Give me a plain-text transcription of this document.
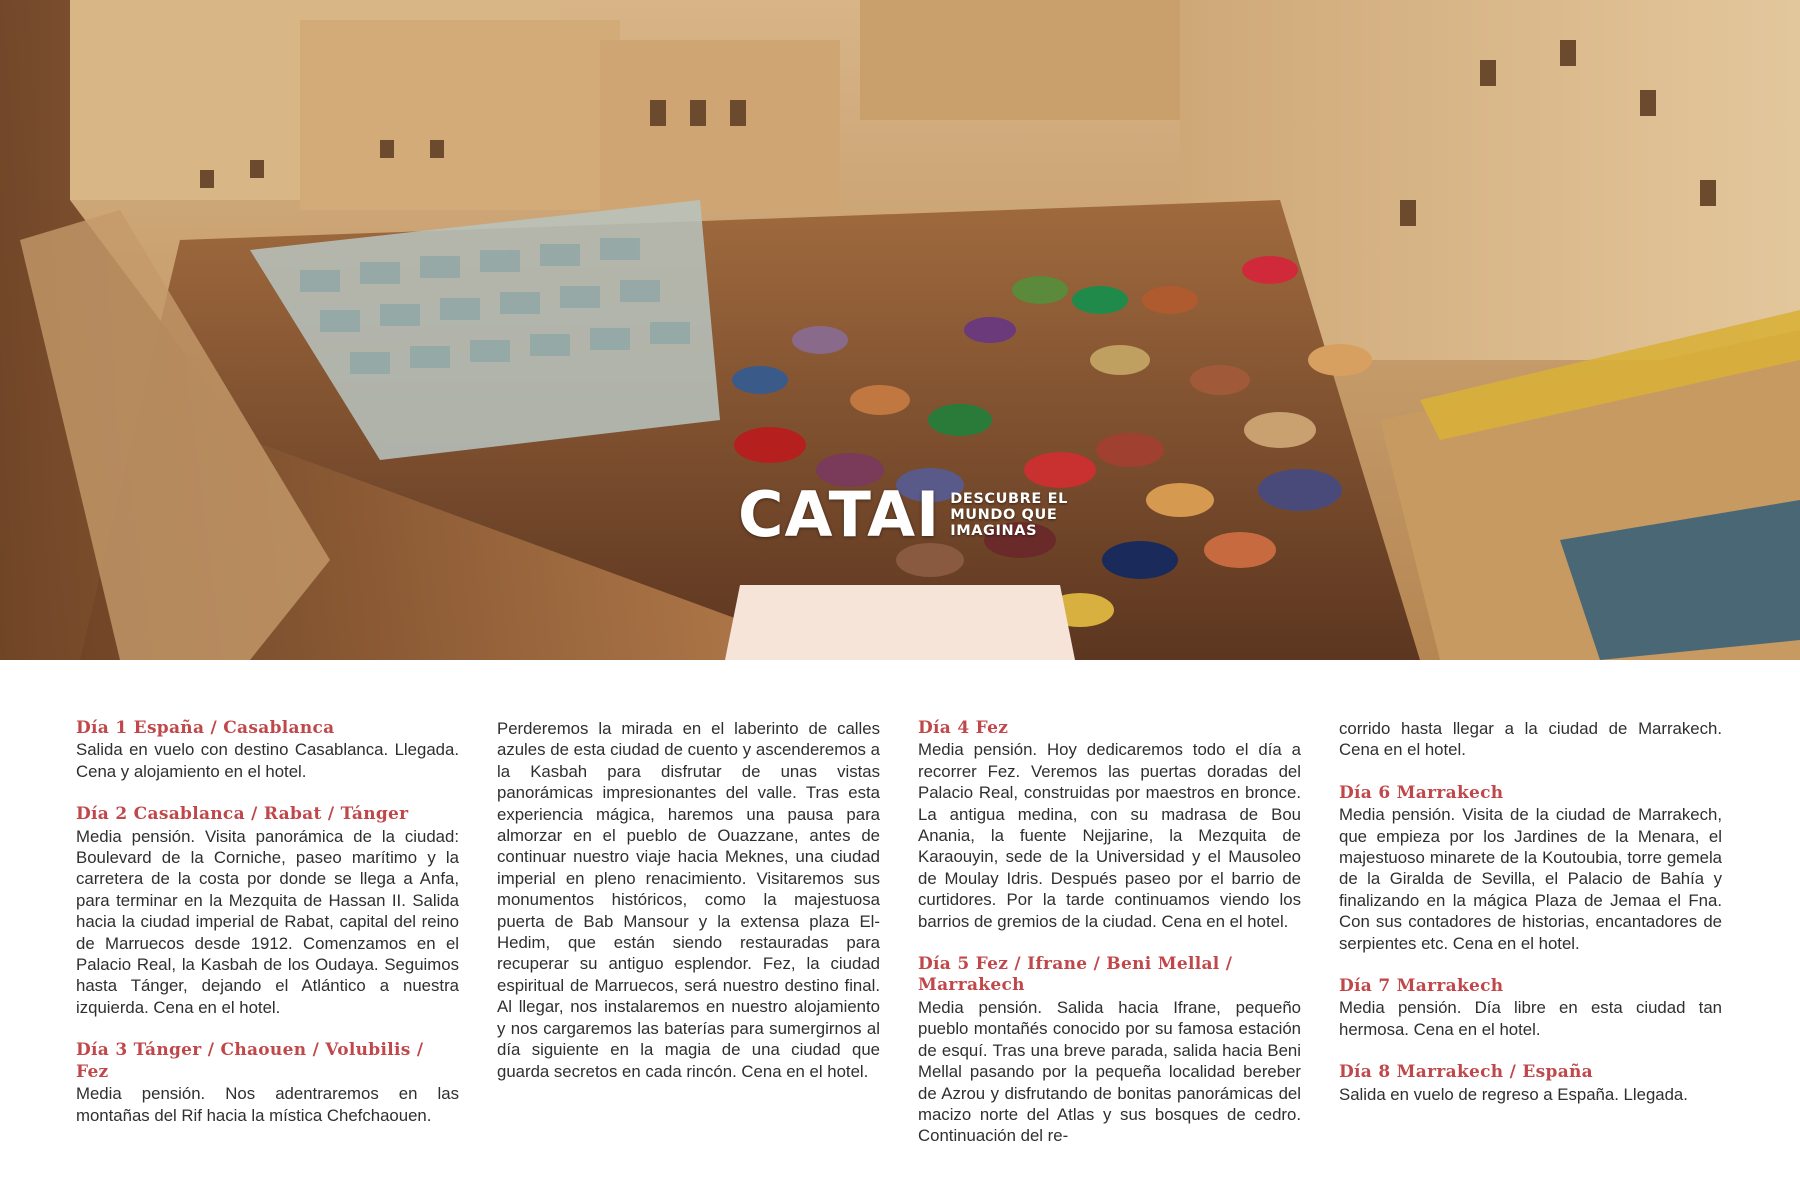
CATAI DESCUBRE EL
MUNDO QUE
IMAGINAS
Día 1 España / Casablanca
Salida en vuelo con destino Casablanca. Llegada. Cena y alojamiento en el hotel.
Día 2 Casablanca / Rabat / Tánger
Media pensión. Visita panorámica de la ciudad: Boulevard de la Corniche, paseo marítimo y la carretera de la costa por donde se llega a Anfa, para terminar en la Mezquita de Hassan II. Salida hacia la ciudad imperial de Rabat, capital del reino de Marruecos desde 1912. Comenzamos en el Palacio Real, la Kasbah de los Oudaya. Seguimos hasta Tánger, dejando el Atlántico a nuestra izquierda. Cena en el hotel.
Día 3 Tánger / Chaouen / Volubilis / Fez
Media pensión. Nos adentraremos en las montañas del Rif hacia la mística Chefchaouen.
Perderemos la mirada en el laberinto de calles azules de esta ciudad de cuento y ascenderemos a la Kasbah para disfrutar de unas vistas panorámicas impresionantes del valle. Tras esta experiencia mágica, haremos una pausa para almorzar en el pueblo de Ouazzane, antes de continuar nuestro viaje hacia Meknes, una ciudad imperial en pleno renacimiento. Visitaremos sus monumentos históricos, como la majestuosa puerta de Bab Mansour y la extensa plaza El-Hedim, que están siendo restauradas para recuperar su antiguo esplendor. Fez, la ciudad espiritual de Marruecos, será nuestro destino final. Al llegar, nos instalaremos en nuestro alojamiento y nos cargaremos las baterías para sumergirnos al día siguiente en la magia de una ciudad que guarda secretos en cada rincón. Cena en el hotel.
Día 4 Fez
Media pensión. Hoy dedicaremos todo el día a recorrer Fez. Veremos las puertas doradas del Palacio Real, construidas por maestros en bronce. La antigua medina, con su madrasa de Bou Anania, la fuente Nejjarine, la Mezquita de Karaouyin, sede de la Universidad y el Mausoleo de Moulay Idris. Después paseo por el barrio de curtidores. Por la tarde continuamos viendo los barrios de gremios de la ciudad. Cena en el hotel.
Día 5 Fez / Ifrane / Beni Mellal / Marrakech
Media pensión. Salida hacia Ifrane, pequeño pueblo montañés conocido por su famosa estación de esquí. Tras una breve parada, salida hacia Beni Mellal pasando por la pequeña localidad bereber de Azrou y disfrutando de bonitas panorámicas del macizo norte del Atlas y sus bosques de cedro. Continuación del re-
corrido hasta llegar a la ciudad de Marrakech. Cena en el hotel.
Día 6 Marrakech
Media pensión. Visita de la ciudad de Marrakech, que empieza por los Jardines de la Menara, el majestuoso minarete de la Koutoubia, torre gemela de la Giralda de Sevilla, el Palacio de Bahía y finalizando en la mágica Plaza de Jemaa el Fna. Con sus contadores de historias, encantadores de serpientes etc. Cena en el hotel.
Día 7 Marrakech
Media pensión. Día libre en esta ciudad tan hermosa. Cena en el hotel.
Día 8 Marrakech / España
Salida en vuelo de regreso a España. Llegada.
